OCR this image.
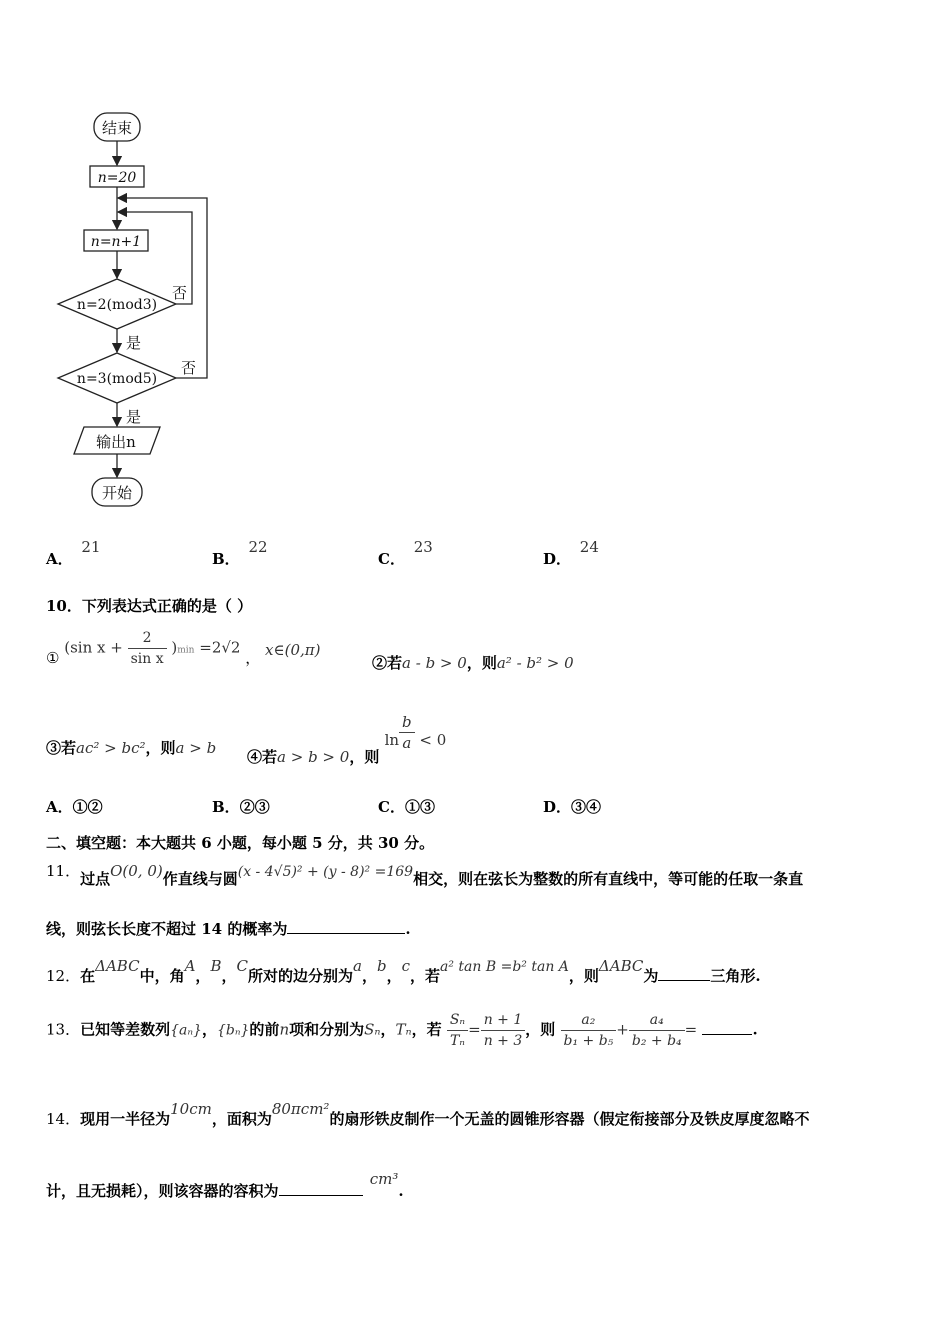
结束
n=20
n=n+1
n=2(mod3)
n=3(mod5)
否
否
是
是
输出n
开始
A． 21
B． 22
C． 23
D． 24
10．下列表达式正确的是（ ）
① (sin $x + \frac{2}{\text{sin x}} )\min =2√2$ ， x∈(0,π)
②若a - b > 0，则a² - b² > 0
③若ac² > bc²，则a > b ④若a > b > 0，则 $\ln \frac{b}{a} < 0$
A．①②	B．②③	C．①③	D．③④
二、填空题：本大题共 6 小题，每小题 5 分，共 30 分。
11．过点O(0, 0)作直线与圆(x - 4√5)² + (y - 8)² =169相交，则在弦长为整数的所有直线中，等可能的任取一条直
线，则弦长长度不超过 14 的概率为	.
12．在ΔABC中，角A，B，C所对的边分别为a，b，c，若a² tan B =b² tan A，则ΔABC为	三角形.
13．已知等差数列{aₙ}，{bₙ}的前n项和分别为Sₙ，Tₙ，若 $\frac{\text{Sₙ}}{\text{Tₙ}} = \frac{n + 1}{n + 3}$ ，则 $\frac{\text{a₂}}{\text{b₁ + b₅}} + \frac{\text{a₄}}{\text{b₂ + b₄}}$ =	.
14．现用一半径为10cm，面积为80πcm²的扇形铁皮制作一个无盖的圆锥形容器（假定衔接部分及铁皮厚度忽略不
计，且无损耗），则该容器的容积为 cm³.
